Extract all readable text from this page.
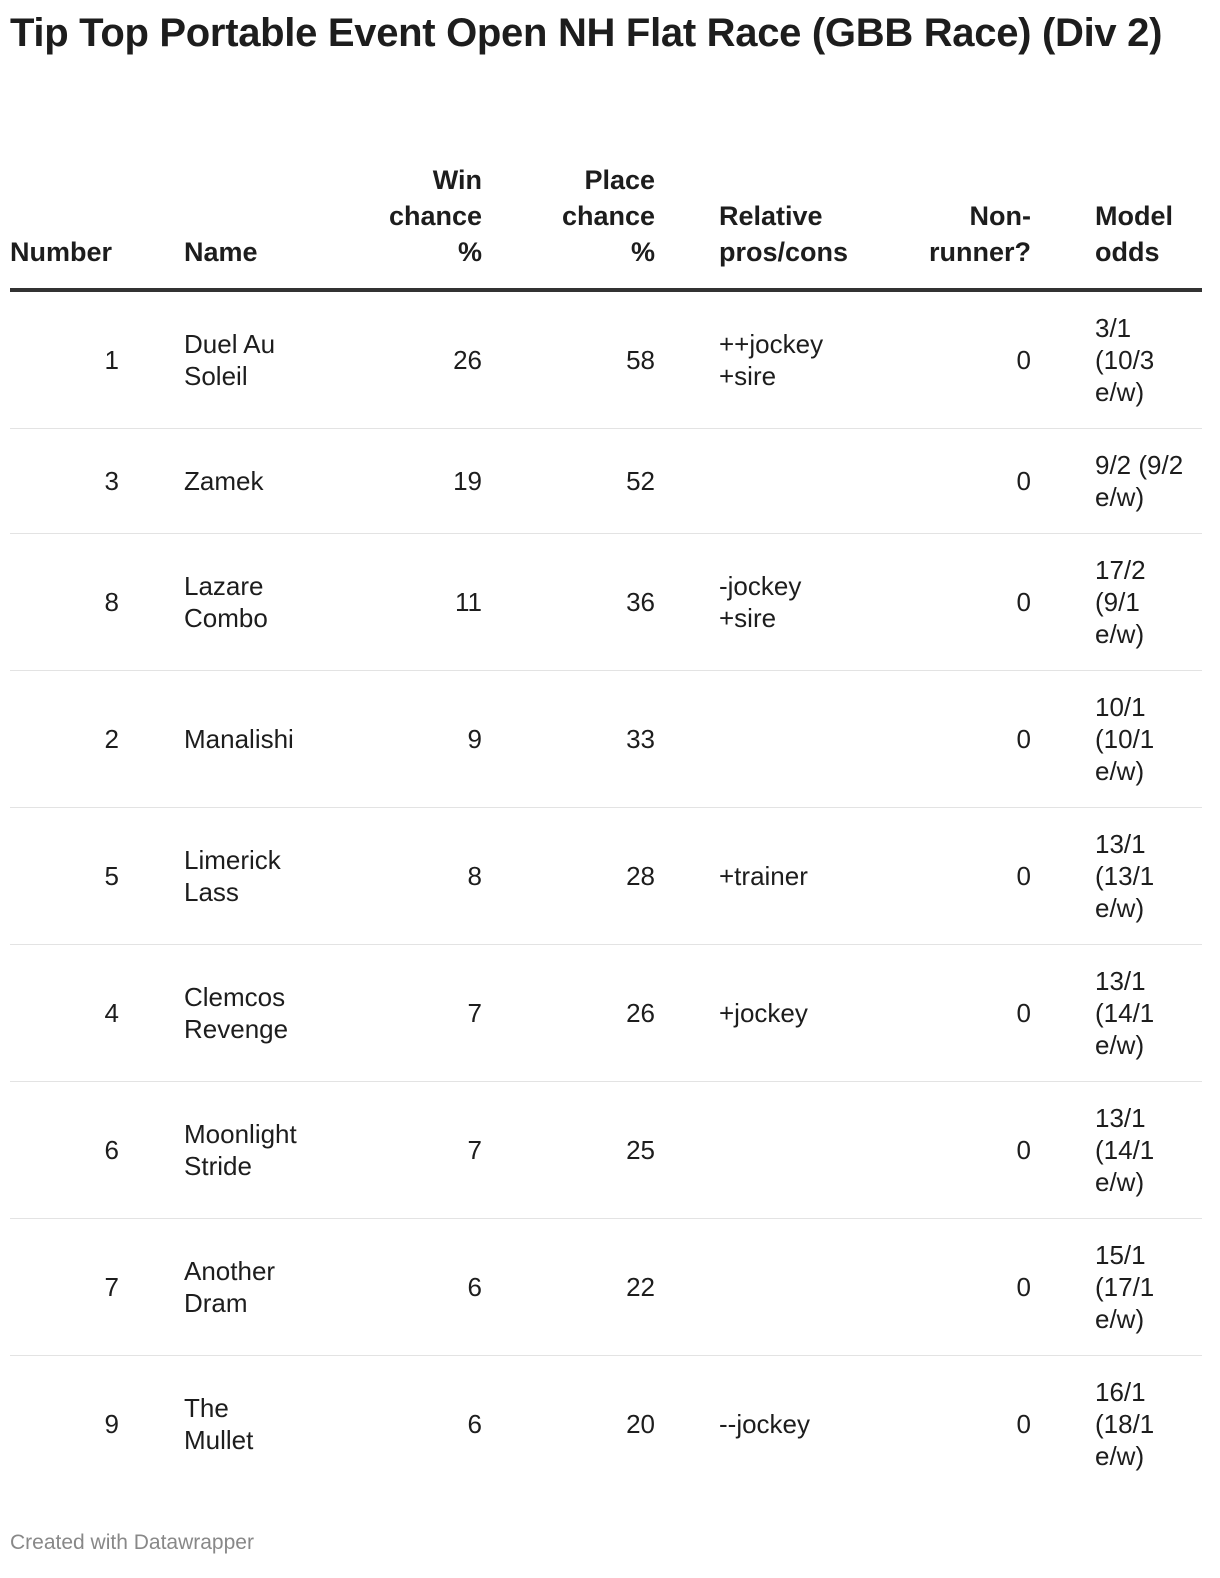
Tip Top Portable Event Open NH Flat Race (GBB Race) (Div 2)
Number	Name	Win
chance
%	Place
chance
%	Relative
pros/cons	Non-
runner?	Model
odds
1	Duel Au
Soleil	26	58	++jockey
+sire	0	3/1
(10/3
e/w)
3	Zamek	19	52		0	9/2 (9/2
e/w)
8	Lazare
Combo	11	36	-jockey
+sire	0	17/2
(9/1
e/w)
2	Manalishi	9	33		0	10/1
(10/1
e/w)
5	Limerick
Lass	8	28	+trainer	0	13/1
(13/1
e/w)
4	Clemcos
Revenge	7	26	+jockey	0	13/1
(14/1
e/w)
6	Moonlight
Stride	7	25		0	13/1
(14/1
e/w)
7	Another
Dram	6	22		0	15/1
(17/1
e/w)
9	The
Mullet	6	20	--jockey	0	16/1
(18/1
e/w)
Created with Datawrapper
